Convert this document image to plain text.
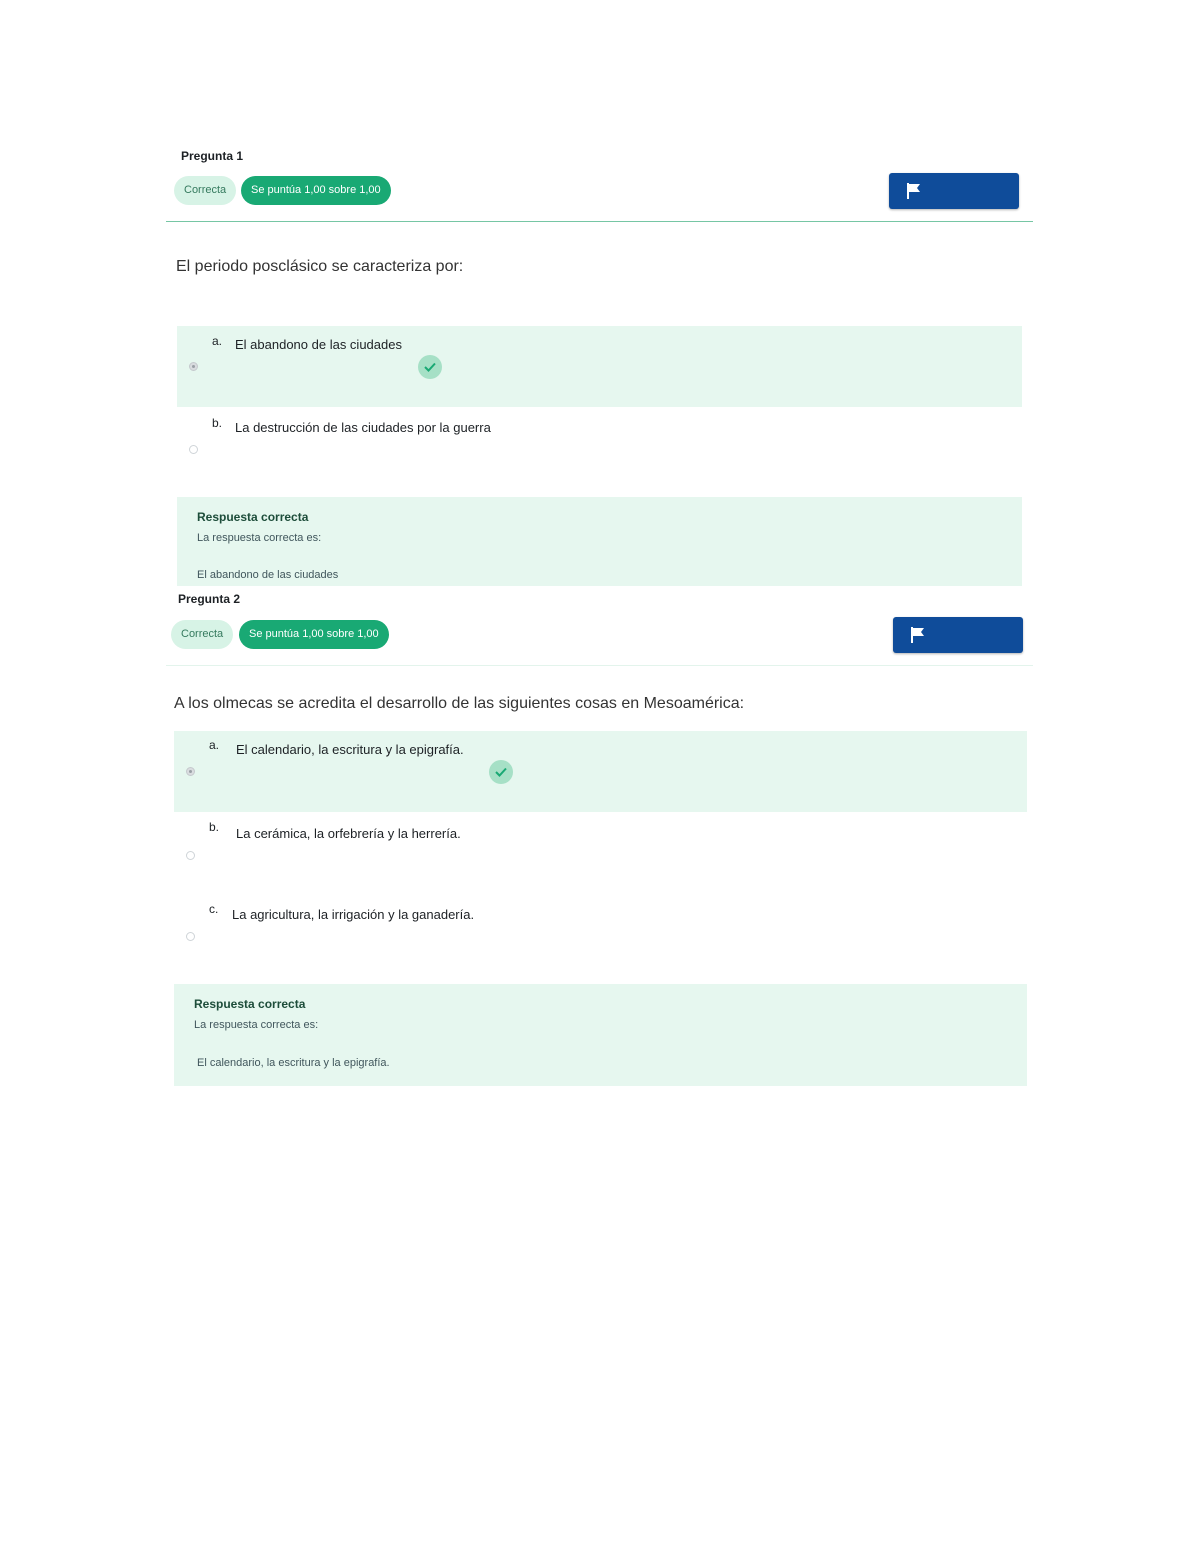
Pregunta 1
Correcta	Se puntúa 1,00 sobre 1,00
El periodo posclásico se caracteriza por:
a. El abandono de las ciudades
b. La destrucción de las ciudades por la guerra
Respuesta correcta
La respuesta correcta es:
El abandono de las ciudades
Pregunta 2
Correcta	Se puntúa 1,00 sobre 1,00
A los olmecas se acredita el desarrollo de las siguientes cosas en Mesoamérica:
a. El calendario, la escritura y la epigrafía.
b. La cerámica, la orfebrería y la herrería.
c. La agricultura, la irrigación y la ganadería.
Respuesta correcta
La respuesta correcta es:
El calendario, la escritura y la epigrafía.
